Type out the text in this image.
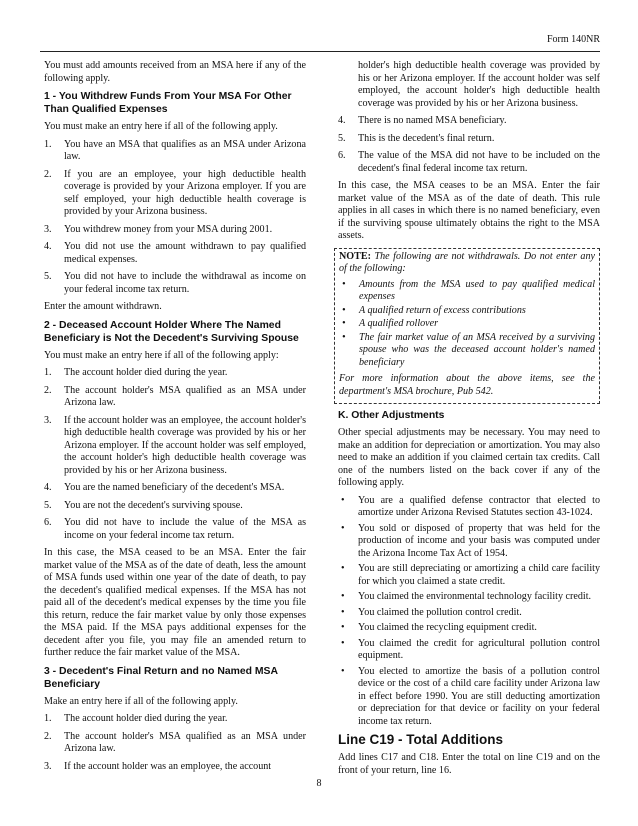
Form 140NR

You must add amounts received from an MSA here if any of the following apply.

1 - You Withdrew Funds From Your MSA For Other Than Qualified Expenses

You must make an entry here if all of the following apply.

1. You have an MSA that qualifies as an MSA under Arizona law.
2. If you are an employee, your high deductible health coverage is provided by your Arizona employer. If you are self employed, your high deductible health coverage is provided by your Arizona business.
3. You withdrew money from your MSA during 2001.
4. You did not use the amount withdrawn to pay qualified medical expenses.
5. You did not have to include the withdrawal as income on your federal income tax return.

Enter the amount withdrawn.

2 - Deceased Account Holder Where The Named Beneficiary is Not the Decedent's Surviving Spouse

You must make an entry here if all of the following apply:

1. The account holder died during the year.
2. The account holder's MSA qualified as an MSA under Arizona law.
3. If the account holder was an employee, the account holder's high deductible health coverage was provided by his or her Arizona employer. If the account holder was self employed, the account holder's high deductible health coverage was provided by his or her Arizona business.
4. You are the named beneficiary of the decedent's MSA.
5. You are not the decedent's surviving spouse.
6. You did not have to include the value of the MSA as income on your federal income tax return.

In this case, the MSA ceased to be an MSA. Enter the fair market value of the MSA as of the date of death, less the amount of MSA funds used within one year of the date of death, to pay the decedent's qualified medical expenses. If the MSA has not paid all of the decedent's medical expenses by the time you file this return, reduce the fair market value by only those expenses the MSA paid. If the MSA pays additional expenses for the decedent after you file, you may file an amended return to further reduce the fair market value of the MSA.

3 - Decedent's Final Return and no Named MSA Beneficiary

Make an entry here if all of the following apply.

1. The account holder died during the year.
2. The account holder's MSA qualified as an MSA under Arizona law.
3. If the account holder was an employee, the account

holder's high deductible health coverage was provided by his or her Arizona employer. If the account holder was self employed, the account holder's high deductible health coverage was provided by his or her Arizona business.

4. There is no named MSA beneficiary.
5. This is the decedent's final return.
6. The value of the MSA did not have to be included on the decedent's final federal income tax return.

In this case, the MSA ceases to be an MSA. Enter the fair market value of the MSA as of the date of death. This rule applies in all cases in which there is no named beneficiary, even if the surviving spouse ultimately obtains the right to the MSA assets.

NOTE: The following are not withdrawals. Do not enter any of the following:

• Amounts from the MSA used to pay qualified medical expenses
• A qualified return of excess contributions
• A qualified rollover
• The fair market value of an MSA received by a surviving spouse who was the deceased account holder's named beneficiary

For more information about the above items, see the department's MSA brochure, Pub 542.

K. Other Adjustments

Other special adjustments may be necessary. You may need to make an addition for depreciation or amortization. You may also need to make an addition if you claimed certain tax credits. Call one of the numbers listed on the back cover if any of the following apply.

• You are a qualified defense contractor that elected to amortize under Arizona Revised Statutes section 43-1024.
• You sold or disposed of property that was held for the production of income and your basis was computed under the Arizona Income Tax Act of 1954.
• You are still depreciating or amortizing a child care facility for which you claimed a state credit.
• You claimed the environmental technology facility credit.
• You claimed the pollution control credit.
• You claimed the recycling equipment credit.
• You claimed the credit for agricultural pollution control equipment.
• You elected to amortize the basis of a pollution control device or the cost of a child care facility under Arizona law in effect before 1990. You are still deducting amortization or depreciation for that device or facility on your federal income tax return.
Line C19 - Total Additions

Add lines C17 and C18. Enter the total on line C19 and on the front of your return, line 16.

8
